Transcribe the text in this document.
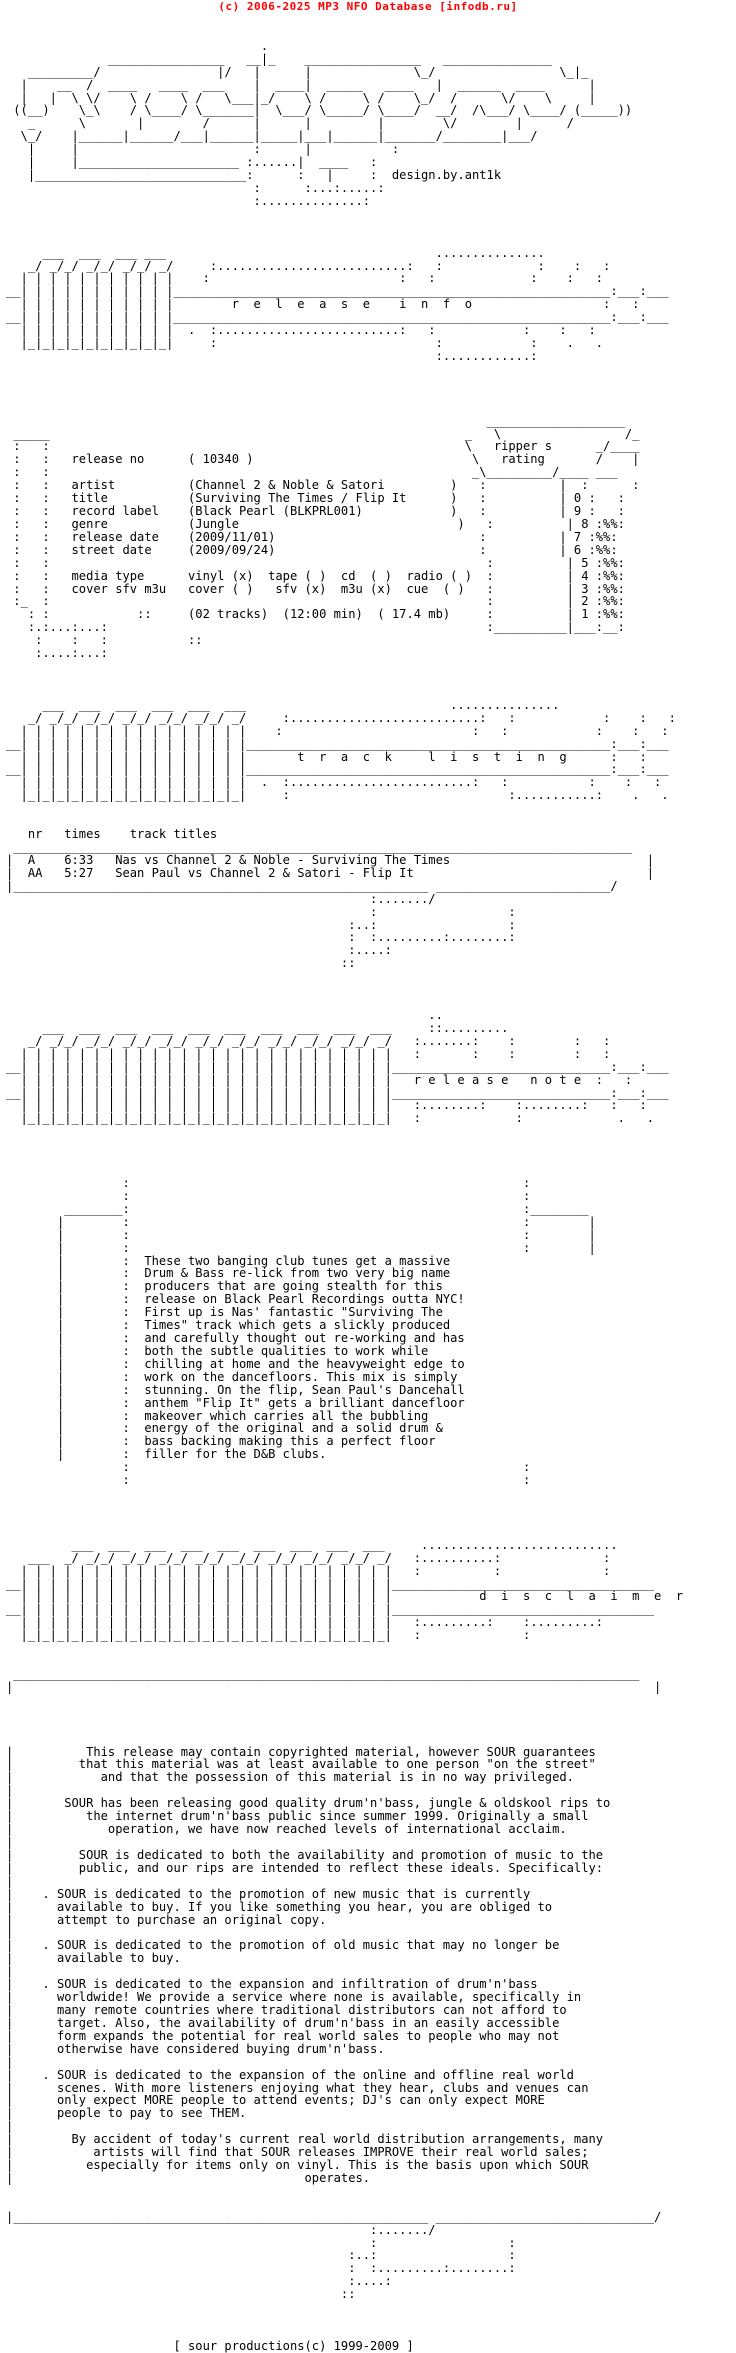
(c) 2006-2025 MP3 NFO Database [infodb.ru]
.
________________   __|_    ________________   _______________
_________/                |/   |      |              \_/                 \_|_
|    __  /  ____   ____  ___    |  ____|  _____   ____   |  ______  ____      |
|   |  \ \/    \ /    \ /   \___|_/    \ /     \ /    \_/  /      \/    \     |
((__)    \_\    / \____/ \_______|  \___/ \_____/ \____/  __/  /\___/ \____/ (_____))
_      \       |        /      |      |         |        \/        |      /
\_/    |______|______/___|______|_____|___|______|_______/________|___/
|     |                        :      |           :
|     |______________________ :......|  ____   :
|_____________________________:      :   |     :  design.by.ant1k
:      :...:.....:
:..............:
___  ___  ___ ___                                     ...............
_/ _/_/ _/_/ _/_/ _/     :..........................:   :             :    :   :
| | | | | | | | | | |    :                          :   :             :    :   :
__| | | | | | | | | | |____________________________________________________________:___:___
| | | | | | | | | | |        r  e  l  e  a  s  e    i  n  f  o                  :   :
__| | | | | | | | | | |____________________________________________________________:___:___
| | | | | | | | | | |  .  :.........................:   :            :    :   :
|_|_|_|_|_|_|_|_|_|_|     :                              :            :    .   .
:............:
___________________
_____                                                         _   \                 /_
:   :                                                         \   ripper s      _/____
:   :   release no      ( 10340 )                              \   rating       /    |
:   :                                                          _\_________/____ ___
:   :   artist          (Channel 2 & Noble & Satori         )   :          |  :      :
:   :   title           (Surviving The Times / Flip It      )   :          | 0 :   :
:   :   record label    (Black Pearl (BLKPRL001)            )   :          | 9 :   :
:   :   genre           (Jungle                              )   :          | 8 :%%:
:   :   release date    (2009/11/01)                            :          | 7 :%%:
:   :   street date     (2009/09/24)                            :          | 6 :%%:
:   :                                                            :          | 5 :%%:
:   :   media type      vinyl (x)  tape ( )  cd  ( )  radio ( )  :          | 4 :%%:
:   :   cover sfv m3u   cover ( )   sfv (x)  m3u (x)  cue  ( )   :          | 3 :%%:
:_  :                                                            :          | 2 :%%:
: :            ::     (02 tracks)  (12:00 min)  ( 17.4 mb)     :          | 1 :%%:
:.:...:...:                                                    :__________|___:__:
:    :   :           ::
:....:...:
___  ___  ___  ___  ___  ___                            ...............
_/ _/_/ _/_/ _/_/ _/_/ _/_/ _/     :..........................:   :            :    :   :
| | | | | | | | | | | | | | | |    :                          :   :            :    :   :
__| | | | | | | | | | | | | | | |__________________________________________________:___:___
| | | | | | | | | | | | | | | |       t  r  a  c  k     l  i  s  t  i  n  g      :   :
__| | | | | | | | | | | | | | | |__________________________________________________:___:___
| | | | | | | | | | | | | | | |  .  :.........................:   :           :    :   :
|_|_|_|_|_|_|_|_|_|_|_|_|_|_|_|     :                              :...........:    .   .
nr   times    track titles
_____________________________________________________________________________________
|  A    6:33   Nas vs Channel 2 & Noble - Surviving The Times                           |
|  AA   5:27   Sean Paul vs Channel 2 & Satori - Flip It                                |
|_________________________________________________________ ________________________/
:......./
:                  :
:..:                  :
:  :.........:........:
:....:
::
..
___  ___  ___  ___  ___  ___  ___  ___  ___  ___     ::.........
_/ _/_/ _/_/ _/_/ _/_/ _/_/ _/_/ _/_/ _/_/ _/_/ _/   :.......:    :        :   :
| | | | | | | | | | | | | | | | | | | | | | | | | |   :       :    :        :   :
__| | | | | | | | | | | | | | | | | | | | | | | | | |______________________________:___:___
| | | | | | | | | | | | | | | | | | | | | | | | | |   r e l e a s e   n o t e  :   :
__| | | | | | | | | | | | | | | | | | | | | | | | | |______________________________:___:___
| | | | | | | | | | | | | | | | | | | | | | | | | |   :........:    :........:   :   :
|_|_|_|_|_|_|_|_|_|_|_|_|_|_|_|_|_|_|_|_|_|_|_|_|_|   :             :             .   .
:                                                      :
:                                                      :
________:                                                      :________
|        :                                                      :        |
|        :                                                      :        |
|        :                                                      :        |
|        :  These two banging club tunes get a massive
|        :  Drum & Bass re-lick from two very big name
|        :  producers that are going stealth for this
|        :  release on Black Pearl Recordings outta NYC!
|        :  First up is Nas' fantastic "Surviving The
|        :  Times" track which gets a slickly produced
|        :  and carefully thought out re-working and has
|        :  both the subtle qualities to work while
|        :  chilling at home and the heavyweight edge to
|        :  work on the dancefloors. This mix is simply
|        :  stunning. On the flip, Sean Paul's Dancehall
|        :  anthem "Flip It" gets a brilliant dancefloor
|        :  makeover which carries all the bubbling
|        :  energy of the original and a solid drum &
|        :  bass backing making this a perfect floor
|        :  filler for the D&B clubs.
:                                                      :
:                                                      :
___  ___  ___  ___  ___  ___  ___  ___  ___     ...........................
___  _/ _/_/ _/_/ _/_/ _/_/ _/_/ _/_/ _/_/ _/_/ _/   :..........:              :
| | | | | | | | | | | | | | | | | | | | | | | | | |   :          :              :
__| | | | | | | | | | | | | | | | | | | | | | | | | |____________________________________
| | | | | | | | | | | | | | | | | | | | | | | | | |            d  i  s  c  l  a  i  m  e  r
__| | | | | | | | | | | | | | | | | | | | | | | | | |____________________________________
| | | | | | | | | | | | | | | | | | | | | | | | | |   :.........:    :.........:
|_|_|_|_|_|_|_|_|_|_|_|_|_|_|_|_|_|_|_|_|_|_|_|_|_|   :              :
______________________________________________________________________________________
|                                                                                        |
|          This release may contain copyrighted material, however SOUR guarantees
|         that this material was at least available to one person "on the street"
|            and that the possession of this material is in no way privileged.
|
|       SOUR has been releasing good quality drum'n'bass, jungle & oldskool rips to
|          the internet drum'n'bass public since summer 1999. Originally a small
|             operation, we have now reached levels of international acclaim.
|
|         SOUR is dedicated to both the availability and promotion of music to the
|         public, and our rips are intended to reflect these ideals. Specifically:
|
|    . SOUR is dedicated to the promotion of new music that is currently
|      available to buy. If you like something you hear, you are obliged to
|      attempt to purchase an original copy.
|
|    . SOUR is dedicated to the promotion of old music that may no longer be
|      available to buy.
|
|    . SOUR is dedicated to the expansion and infiltration of drum'n'bass
|      worldwide! We provide a service where none is available, specifically in
|      many remote countries where traditional distributors can not afford to
|      target. Also, the availability of drum'n'bass in an easily accessible
|      form expands the potential for real world sales to people who may not
|      otherwise have considered buying drum'n'bass.
|
|    . SOUR is dedicated to the expansion of the online and offline real world
|      scenes. With more listeners enjoying what they hear, clubs and venues can
|      only expect MORE people to attend events; DJ's can only expect MORE
|      people to pay to see THEM.
|
|        By accident of today's current real world distribution arrangements, many
|           artists will find that SOUR releases IMPROVE their real world sales;
|          especially for items only on vinyl. This is the basis upon which SOUR
|                                        operates.
|_________________________________________________________ ______________________________/
:......./
:                  :
:..:                  :
:  :.........:........:
:....:
::
[ sour productions(c) 1999-2009 ]
